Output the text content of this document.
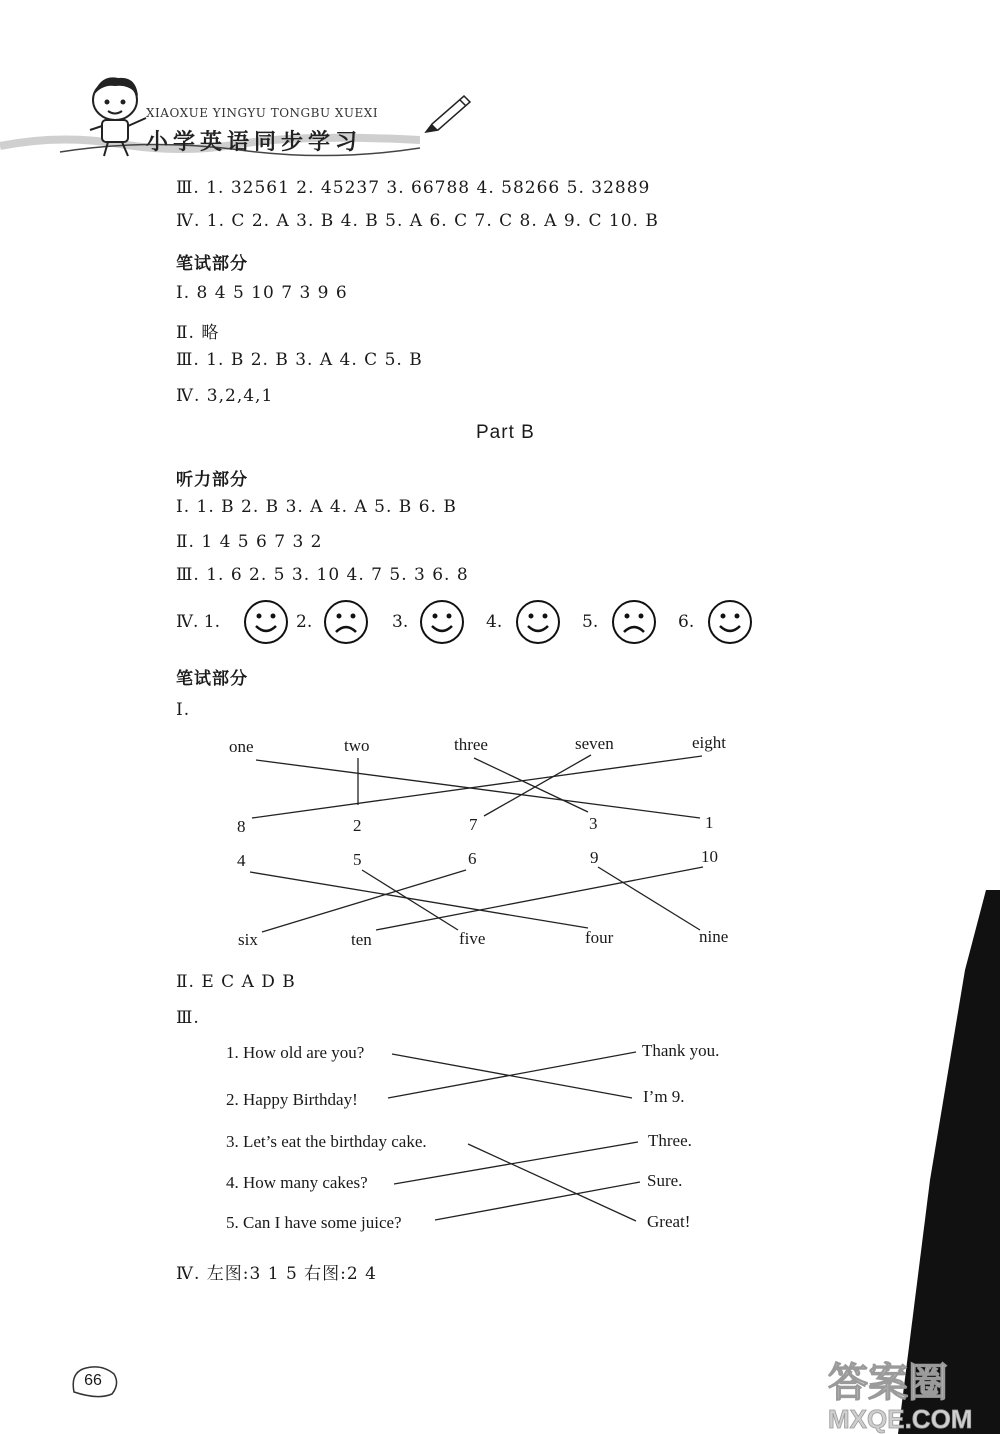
XIAOXUE YINGYU TONGBU XUEXI
小学英语同步学习
Ⅲ. 1. 32561 2. 45237 3. 66788 4. 58266 5. 32889
Ⅳ. 1. C 2. A 3. B 4. B 5. A 6. C 7. C 8. A 9. C 10. B
笔试部分
Ⅰ. 8 4 5 10 7 3 9 6
Ⅱ. 略
Ⅲ. 1. B 2. B 3. A 4. C 5. B
Ⅳ. 3,2,4,1
Part B
听力部分
Ⅰ. 1. B 2. B 3. A 4. A 5. B 6. B
Ⅱ. 1 4 5 6 7 3 2
Ⅲ. 1. 6 2. 5 3. 10 4. 7 5. 3 6. 8
Ⅳ. 1.	2.	3.	4.	5.	6.
笔试部分
Ⅰ.
one	two	three	seven	eight
8	2	7	3	1
4	5	6	9	10
six	ten	five	four	nine
Ⅱ. E C A D B
Ⅲ.
1. How old are you?
2. Happy Birthday!
3. Let’s eat the birthday cake.
4. How many cakes?
5. Can I have some juice?
Thank you.
I’m 9.
Three.
Sure.
Great!
Ⅳ. 左图:3 1 5 右图:2 4
66	答案圈
MXQE.COM
